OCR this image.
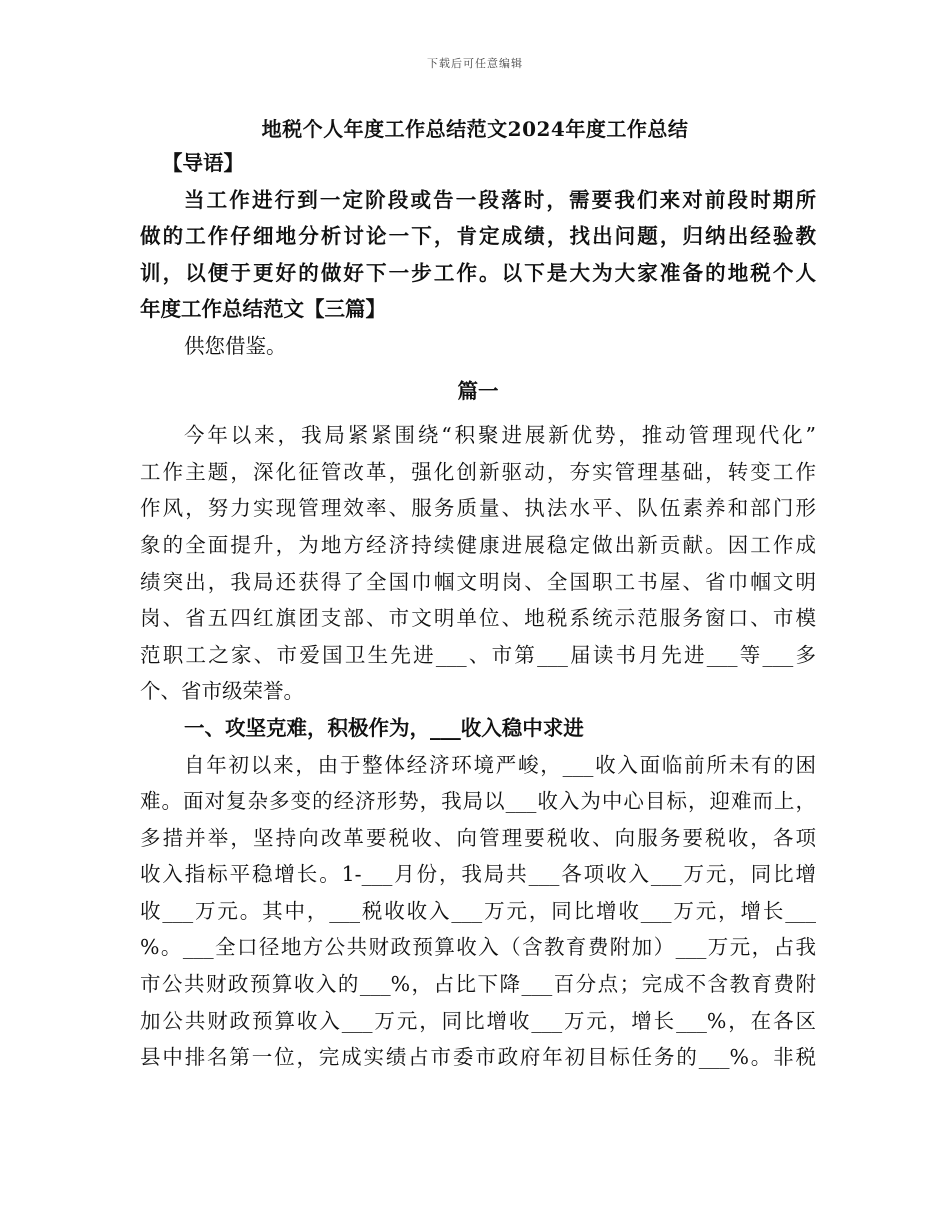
下载后可任意编辑
地税个人年度工作总结范文2024年度工作总结
【导语】
当工作进行到一定阶段或告一段落时，需要我们来对前段时期所
做的工作仔细地分析讨论一下，肯定成绩，找出问题，归纳出经验教
训，以便于更好的做好下一步工作。以下是大为大家准备的地税个人
年度工作总结范文【三篇】
供您借鉴。
篇一
今年以来，我局紧紧围绕“积聚进展新优势，推动管理现代化”
工作主题，深化征管改革，强化创新驱动，夯实管理基础，转变工作
作风，努力实现管理效率、服务质量、执法水平、队伍素养和部门形
象的全面提升，为地方经济持续健康进展稳定做出新贡献。因工作成
绩突出，我局还获得了全国巾帼文明岗、全国职工书屋、省巾帼文明
岗、省五四红旗团支部、市文明单位、地税系统示范服务窗口、市模
范职工之家、市爱国卫生先进___、市第___届读书月先进___等___多
个、省市级荣誉。
一、攻坚克难，积极作为，___收入稳中求进
自年初以来，由于整体经济环境严峻，___收入面临前所未有的困
难。面对复杂多变的经济形势，我局以___收入为中心目标，迎难而上，
多措并举，坚持向改革要税收、向管理要税收、向服务要税收，各项
收入指标平稳增长。1-___月份，我局共___各项收入___万元，同比增
收___万元。其中，___税收收入___万元，同比增收___万元，增长___
%。___全口径地方公共财政预算收入（含教育费附加）___万元，占我
市公共财政预算收入的___%，占比下降___百分点；完成不含教育费附
加公共财政预算收入___万元，同比增收___万元，增长___%，在各区
县中排名第一位，完成实绩占市委市政府年初目标任务的___%。非税
